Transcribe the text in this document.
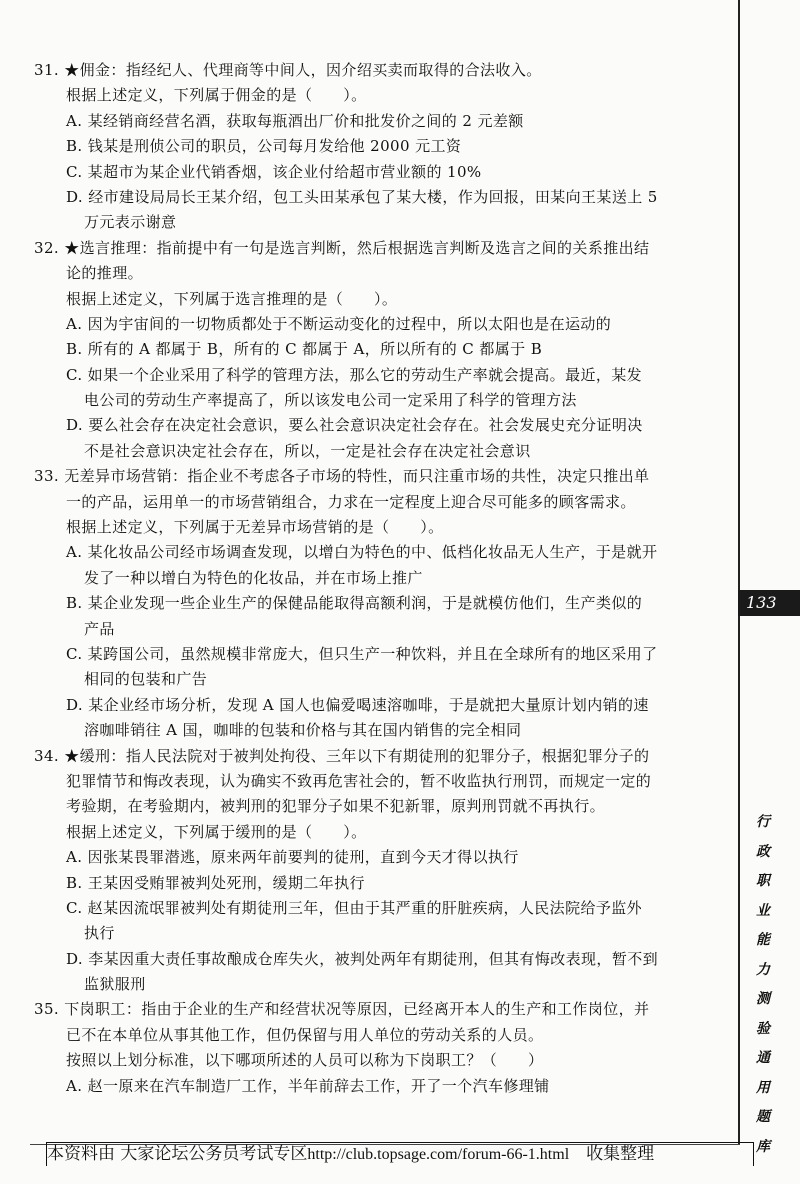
31. ★佣金：指经纪人、代理商等中间人，因介绍买卖而取得的合法收入。
根据上述定义，下列属于佣金的是（　　）。
A. 某经销商经营名酒，获取每瓶酒出厂价和批发价之间的 2 元差额
B. 钱某是刑侦公司的职员，公司每月发给他 2000 元工资
C. 某超市为某企业代销香烟，该企业付给超市营业额的 10%
D. 经市建设局局长王某介绍，包工头田某承包了某大楼，作为回报，田某向王某送上 5
万元表示谢意
32. ★选言推理：指前提中有一句是选言判断，然后根据选言判断及选言之间的关系推出结
论的推理。
根据上述定义，下列属于选言推理的是（　　）。
A. 因为宇宙间的一切物质都处于不断运动变化的过程中，所以太阳也是在运动的
B. 所有的 A 都属于 B，所有的 C 都属于 A，所以所有的 C 都属于 B
C. 如果一个企业采用了科学的管理方法，那么它的劳动生产率就会提高。最近，某发
电公司的劳动生产率提高了，所以该发电公司一定采用了科学的管理方法
D. 要么社会存在决定社会意识，要么社会意识决定社会存在。社会发展史充分证明决
不是社会意识决定社会存在，所以，一定是社会存在决定社会意识
33. 无差异市场营销：指企业不考虑各子市场的特性，而只注重市场的共性，决定只推出单
一的产品，运用单一的市场营销组合，力求在一定程度上迎合尽可能多的顾客需求。
根据上述定义，下列属于无差异市场营销的是（　　）。
A. 某化妆品公司经市场调查发现，以增白为特色的中、低档化妆品无人生产，于是就开
发了一种以增白为特色的化妆品，并在市场上推广
B. 某企业发现一些企业生产的保健品能取得高额利润，于是就模仿他们，生产类似的
产品
C. 某跨国公司，虽然规模非常庞大，但只生产一种饮料，并且在全球所有的地区采用了
相同的包装和广告
D. 某企业经市场分析，发现 A 国人也偏爱喝速溶咖啡，于是就把大量原计划内销的速
溶咖啡销往 A 国，咖啡的包装和价格与其在国内销售的完全相同
34. ★缓刑：指人民法院对于被判处拘役、三年以下有期徒刑的犯罪分子，根据犯罪分子的
犯罪情节和悔改表现，认为确实不致再危害社会的，暂不收监执行刑罚，而规定一定的
考验期，在考验期内，被判刑的犯罪分子如果不犯新罪，原判刑罚就不再执行。
根据上述定义，下列属于缓刑的是（　　）。
A. 因张某畏罪潜逃，原来两年前要判的徒刑，直到今天才得以执行
B. 王某因受贿罪被判处死刑，缓期二年执行
C. 赵某因流氓罪被判处有期徒刑三年，但由于其严重的肝脏疾病，人民法院给予监外
执行
D. 李某因重大责任事故酿成仓库失火，被判处两年有期徒刑，但其有悔改表现，暂不到
监狱服刑
35. 下岗职工：指由于企业的生产和经营状况等原因，已经离开本人的生产和工作岗位，并
已不在本单位从事其他工作，但仍保留与用人单位的劳动关系的人员。
按照以上划分标准，以下哪项所述的人员可以称为下岗职工？（　　）
A. 赵一原来在汽车制造厂工作，半年前辞去工作，开了一个汽车修理铺
133
行
政
职
业
能
力
测
验
通
用
题
库
本资料由 大家论坛公务员考试专区http://club.topsage.com/forum-66-1.html　收集整理
